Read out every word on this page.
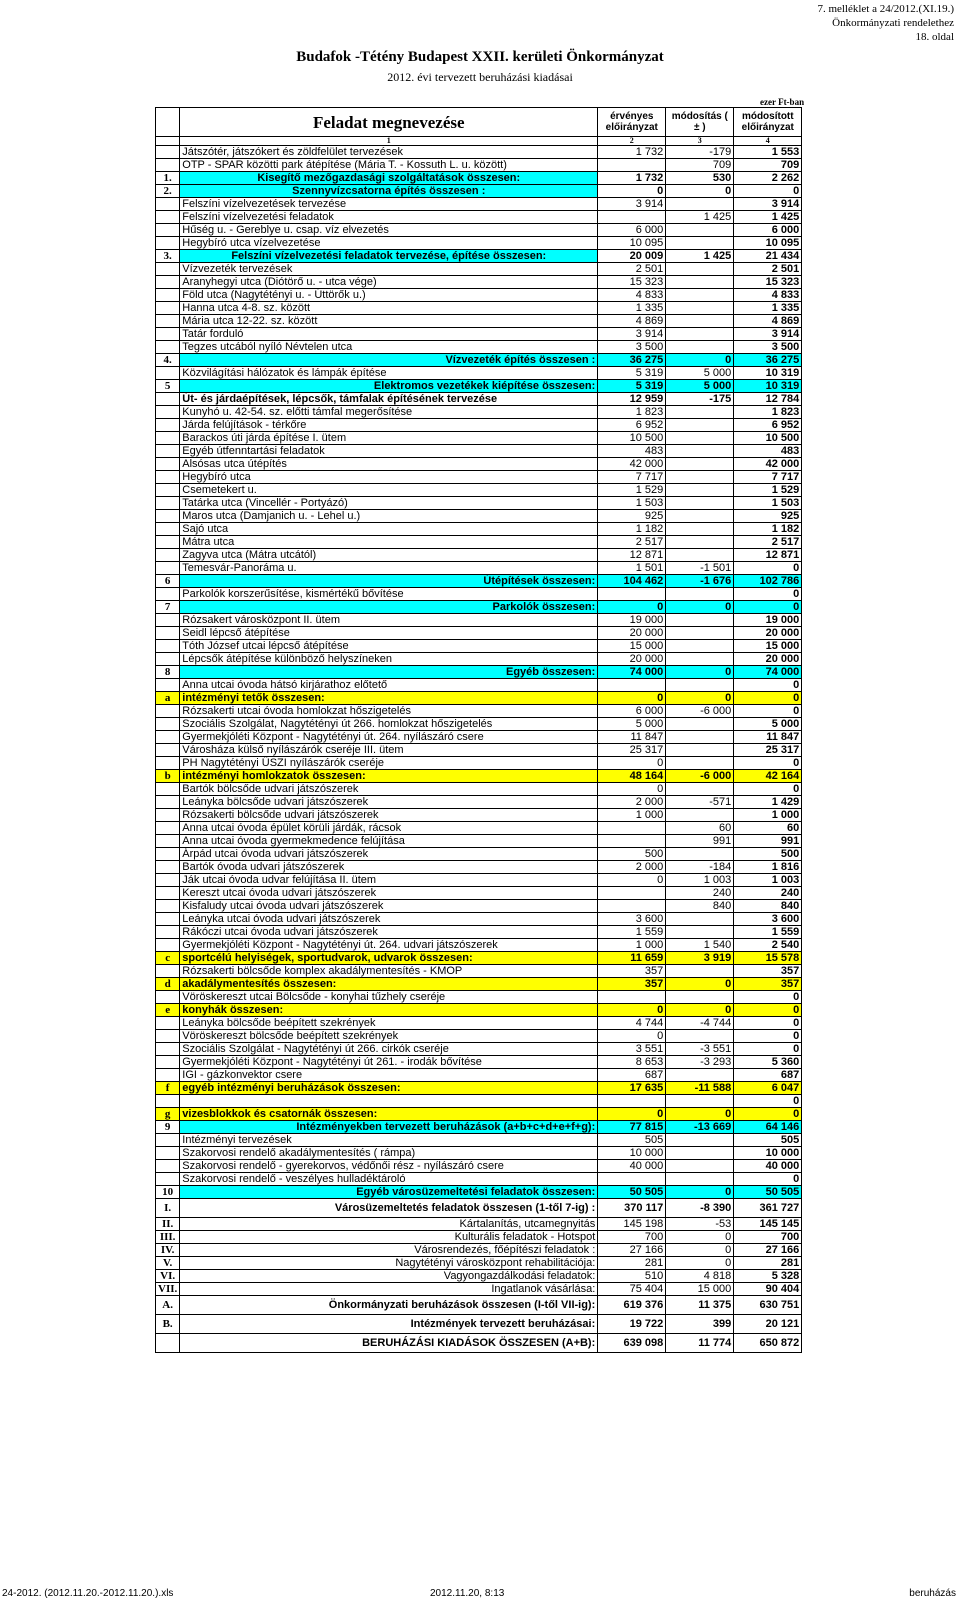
7. melléklet a 24/2012.(XI.19.)
Önkormányzati rendelethez
18. oldal
Budafok -Tétény Budapest XXII. kerületi Önkormányzat
2012. évi tervezett beruházási kiadásai
ezer Ft-ban
	Feladat megnevezése	érvényes előirányzat	módosítás ( ± )	módosított előirányzat
	1	2	3	4
	Játszótér, játszókert és zöldfelület tervezések	1 732	-179	1 553
	OTP - SPAR közötti park átépítése (Mária T. - Kossuth L. u. között)		709	709
1.	Kisegítő mezőgazdasági szolgáltatások összesen:	1 732	530	2 262
2.	Szennyvízcsatorna építés összesen :	0	0	0
	Felszíni vízelvezetések tervezése	3 914		3 914
	Felszíni vízelvezetési feladatok		1 425	1 425
	Hűség u. - Gereblye u. csap. víz elvezetés	6 000		6 000
	Hegybíró utca vízelvezetése	10 095		10 095
3.	Felszíni vízelvezetési feladatok tervezése, építése összesen:	20 009	1 425	21 434
	Vízvezeték tervezések	2 501		2 501
	Aranyhegyi utca (Diótörő u. - utca vége)	15 323		15 323
	Föld utca (Nagytétényi u. - Úttörők u.)	4 833		4 833
	Hanna utca 4-8. sz. között	1 335		1 335
	Mária utca 12-22. sz. között	4 869		4 869
	Tatár forduló	3 914		3 914
	Tegzes utcából nyíló Névtelen utca	3 500		3 500
4.	Vízvezeték építés összesen :	36 275	0	36 275
	Közvilágítási hálózatok és lámpák építése	5 319	5 000	10 319
5	Elektromos vezetékek kiépítése összesen:	5 319	5 000	10 319
	Út- és járdaépítések, lépcsők, támfalak építésének tervezése	12 959	-175	12 784
	Kunyhó u. 42-54. sz. előtti támfal megerősítése	1 823		1 823
	Járda felújítások - térkőre	6 952		6 952
	Barackos úti járda építése I. ütem	10 500		10 500
	Egyéb útfenntartási feladatok	483		483
	Alsósas utca útépítés	42 000		42 000
	Hegybíró utca	7 717		7 717
	Csemetekert u.	1 529		1 529
	Tatárka utca (Vincellér - Portyázó)	1 503		1 503
	Maros utca (Damjanich u. - Lehel u.)	925		925
	Sajó utca	1 182		1 182
	Mátra utca	2 517		2 517
	Zagyva utca (Mátra utcától)	12 871		12 871
	Temesvár-Panoráma u.	1 501	-1 501	0
6	Útépítések összesen:	104 462	-1 676	102 786
	Parkolók korszerűsítése, kismértékű bővítése			0
7	Parkolók összesen:	0	0	0
	Rózsakert városközpont II. ütem	19 000		19 000
	Seidl lépcső átépítése	20 000		20 000
	Tóth József utcai lépcső átépítése	15 000		15 000
	Lépcsők átépítése különböző helyszíneken	20 000		20 000
8	Egyéb összesen:	74 000	0	74 000
	Anna utcai óvoda hátsó kirjárathoz előtető			0
a	intézményi tetők összesen:	0	0	0
	Rózsakerti utcai óvoda homlokzat hőszigetelés	6 000	-6 000	0
	Szociális Szolgálat, Nagytétényi út 266. homlokzat hőszigetelés	5 000		5 000
	Gyermekjóléti Központ - Nagytétényi út. 264. nyílászáró csere	11 847		11 847
	Városháza külső nyílászárók cseréje III. ütem	25 317		25 317
	PH Nagytétényi ÜSZI nyílászárók cseréje	0		0
b	intézményi homlokzatok összesen:	48 164	-6 000	42 164
	Bartók bölcsőde udvari játszószerek	0		0
	Leányka bölcsőde udvari játszószerek	2 000	-571	1 429
	Rózsakerti bölcsőde udvari játszószerek	1 000		1 000
	Anna utcai óvoda épület körüli járdák, rácsok		60	60
	Anna utcai óvoda gyermekmedence felújítása		991	991
	Árpád utcai óvoda udvari játszószerek	500		500
	Bartók óvoda udvari játszószerek	2 000	-184	1 816
	Ják utcai óvoda udvar felújítása II. ütem	0	1 003	1 003
	Kereszt utcai óvoda udvari játszószerek		240	240
	Kisfaludy utcai óvoda udvari játszószerek		840	840
	Leányka utcai óvoda udvari játszószerek	3 600		3 600
	Rákóczi utcai óvoda udvari játszószerek	1 559		1 559
	Gyermekjóléti Központ - Nagytétényi út. 264. udvari játszószerek	1 000	1 540	2 540
c	sportcélú helyiségek, sportudvarok, udvarok összesen:	11 659	3 919	15 578
	Rózsakerti bölcsőde komplex akadálymentesítés - KMOP	357		357
d	akadálymentesítés összesen:	357	0	357
	Vöröskereszt utcai Bölcsőde - konyhai tűzhely cseréje			0
e	konyhák összesen:	0	0	0
	Leányka bölcsőde beépített szekrények	4 744	-4 744	0
	Vöröskereszt bölcsőde beépített szekrények	0		0
	Szociális Szolgálat - Nagytétényi út 266. cirkók cseréje	3 551	-3 551	0
	Gyermekjóléti Központ - Nagytétényi út 261. - irodák bővítése	8 653	-3 293	5 360
	IGI - gázkonvektor csere	687		687
f	egyéb intézményi beruházások összesen:	17 635	-11 588	6 047
				0
g	vizesblokkok és csatornák összesen:	0	0	0
9	Intézményekben tervezett beruházások (a+b+c+d+e+f+g):	77 815	-13 669	64 146
	Intézményi tervezések	505		505
	Szakorvosi rendelő akadálymentesítés ( rámpa)	10 000		10 000
	Szakorvosi rendelő - gyerekorvos, védőnői rész - nyílászáró csere	40 000		40 000
	Szakorvosi rendelő - veszélyes hulladéktároló			0
10	Egyéb városüzemeltetési feladatok összesen:	50 505	0	50 505
I.	Városüzemeltetés feladatok összesen (1-től 7-ig) :	370 117	-8 390	361 727
II.	Kártalanítás, utcamegnyitás	145 198	-53	145 145
III.	Kulturális feladatok - Hotspot	700	0	700
IV.	Városrendezés, főépítészi feladatok :	27 166	0	27 166
V.	Nagytétényi városközpont rehabilitációja:	281	0	281
VI.	Vagyongazdálkodási feladatok:	510	4 818	5 328
VII.	Ingatlanok vásárlása:	75 404	15 000	90 404
A.	Önkormányzati beruházások összesen (I-től VII-ig):	619 376	11 375	630 751
B.	Intézmények tervezett beruházásai:	19 722	399	20 121
	BERUHÁZÁSI KIADÁSOK ÖSSZESEN (A+B):	639 098	11 774	650 872
24-2012. (2012.11.20.-2012.11.20.).xls	2012.11.20, 8:13	beruházás
